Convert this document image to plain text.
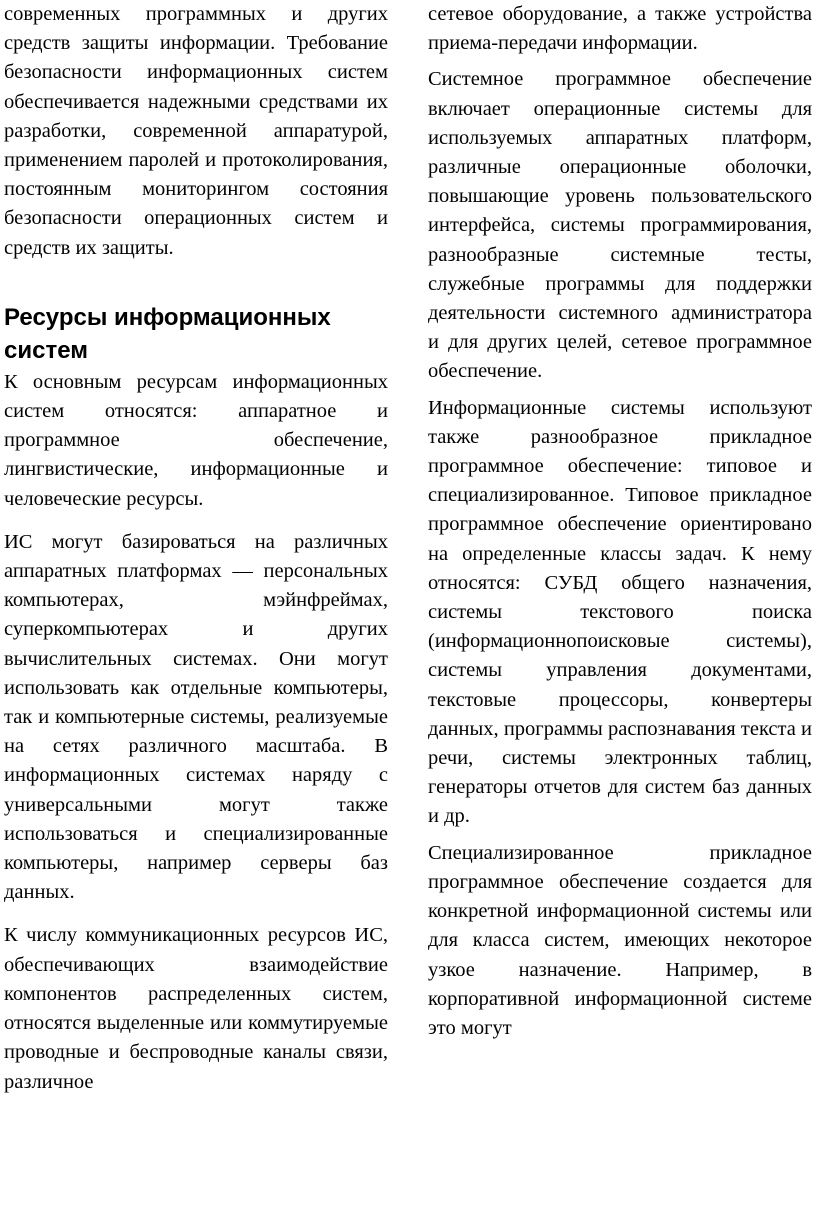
современных программных и других средств защиты информации. Требование безопасности информационных систем обеспечивается надежными средствами их разработки, современной аппаратурой, применением паролей и протоколирования, постоянным мониторингом состояния безопасности операционных систем и средств их защиты.

Ресурсы информационных систем

К основным ресурсам информационных систем относятся: аппаратное и программное обеспечение, лингвистические, информационные и человеческие ресурсы.

ИС могут базироваться на различных аппаратных платформах — персональных компьютерах, мэйнфреймах, суперкомпьютерах и других вычислительных системах. Они могут использовать как отдельные компьютеры, так и компьютерные системы, реализуемые на сетях различного масштаба. В информационных системах наряду с универсальными могут также использоваться и специализированные компьютеры, например серверы баз данных.

К числу коммуникационных ресурсов ИС, обеспечивающих взаимодействие компонентов распределенных систем, относятся выделенные или коммутируемые проводные и беспроводные каналы связи, различное

сетевое оборудование, а также устройства приема-передачи информации.

Системное программное обеспечение включает операционные системы для используемых аппаратных платформ, различные операционные оболочки, повышающие уровень пользовательского интерфейса, системы программирования, разнообразные системные тесты, служебные программы для поддержки деятельности системного администратора и для других целей, сетевое программное обеспечение.

Информационные системы используют также разнообразное прикладное программное обеспечение: типовое и специализированное. Типовое прикладное программное обеспечение ориентировано на определенные классы задач. К нему относятся: СУБД общего назначения, системы текстового поиска (информационнопоисковые системы), системы управления документами, текстовые процессоры, конвертеры данных, программы распознавания текста и речи, системы электронных таблиц, генераторы отчетов для систем баз данных и др.

Специализированное прикладное программное обеспечение создается для конкретной информационной системы или для класса систем, имеющих некоторое узкое назначение. Например, в корпоративной информационной системе это могут
